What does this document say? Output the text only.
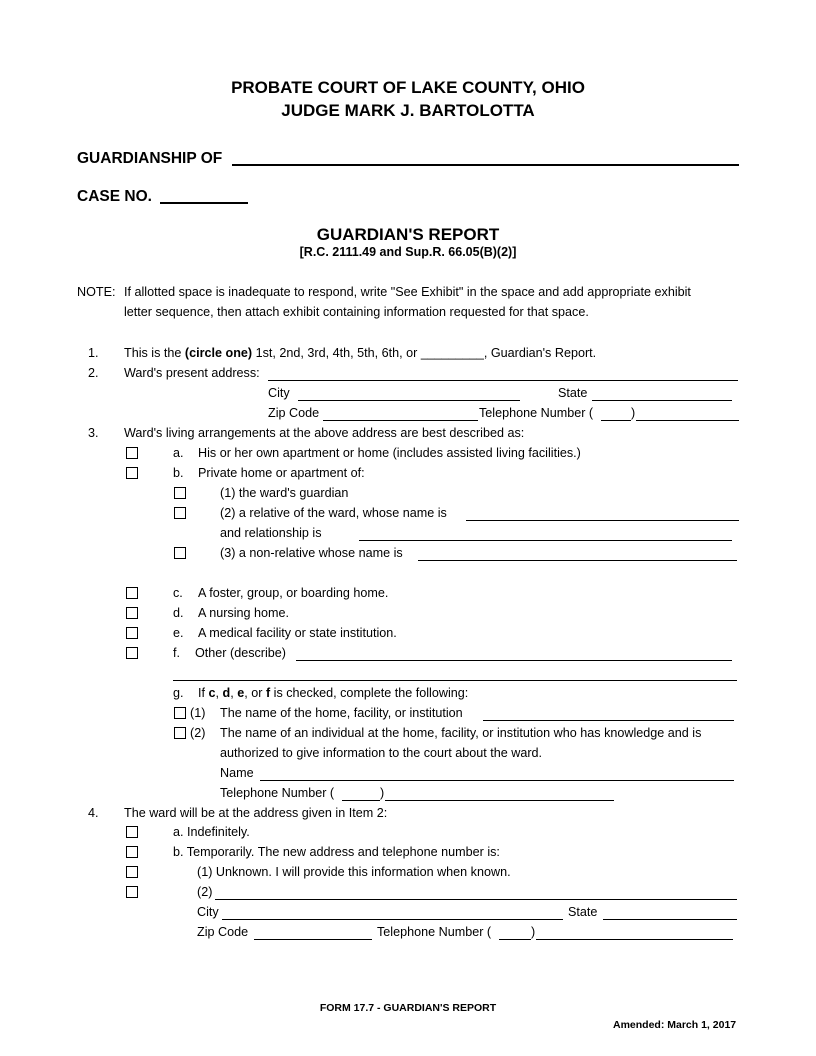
PROBATE COURT OF LAKE COUNTY, OHIO
JUDGE MARK J. BARTOLOTTA
GUARDIANSHIP OF
CASE NO.
GUARDIAN'S REPORT
[R.C. 2111.49 and Sup.R. 66.05(B)(2)]
NOTE: If allotted space is inadequate to respond, write "See Exhibit" in the space and add appropriate exhibit
letter sequence, then attach exhibit containing information requested for that space.
1. This is the (circle one) 1st, 2nd, 3rd, 4th, 5th, 6th, or _________, Guardian's Report.
2. Ward's present address:
City	State
Zip Code	Telephone Number (	)
3. Ward's living arrangements at the above address are best described as:
a. His or her own apartment or home (includes assisted living facilities.)
b. Private home or apartment of:
(1) the ward's guardian
(2) a relative of the ward, whose name is
and relationship is
(3) a non-relative whose name is
c. A foster, group, or boarding home.
d. A nursing home.
e. A medical facility or state institution.
f. Other (describe)
g. If c, d, e, or f is checked, complete the following:
(1) The name of the home, facility, or institution
(2) The name of an individual at the home, facility, or institution who has knowledge and is
authorized to give information to the court about the ward.
Name
Telephone Number (	)
4. The ward will be at the address given in Item 2:
a. Indefinitely.
b. Temporarily. The new address and telephone number is:
(1) Unknown. I will provide this information when known.
(2)
City	State
Zip Code	Telephone Number (	)
FORM 17.7 - GUARDIAN'S REPORT
Amended: March 1, 2017
